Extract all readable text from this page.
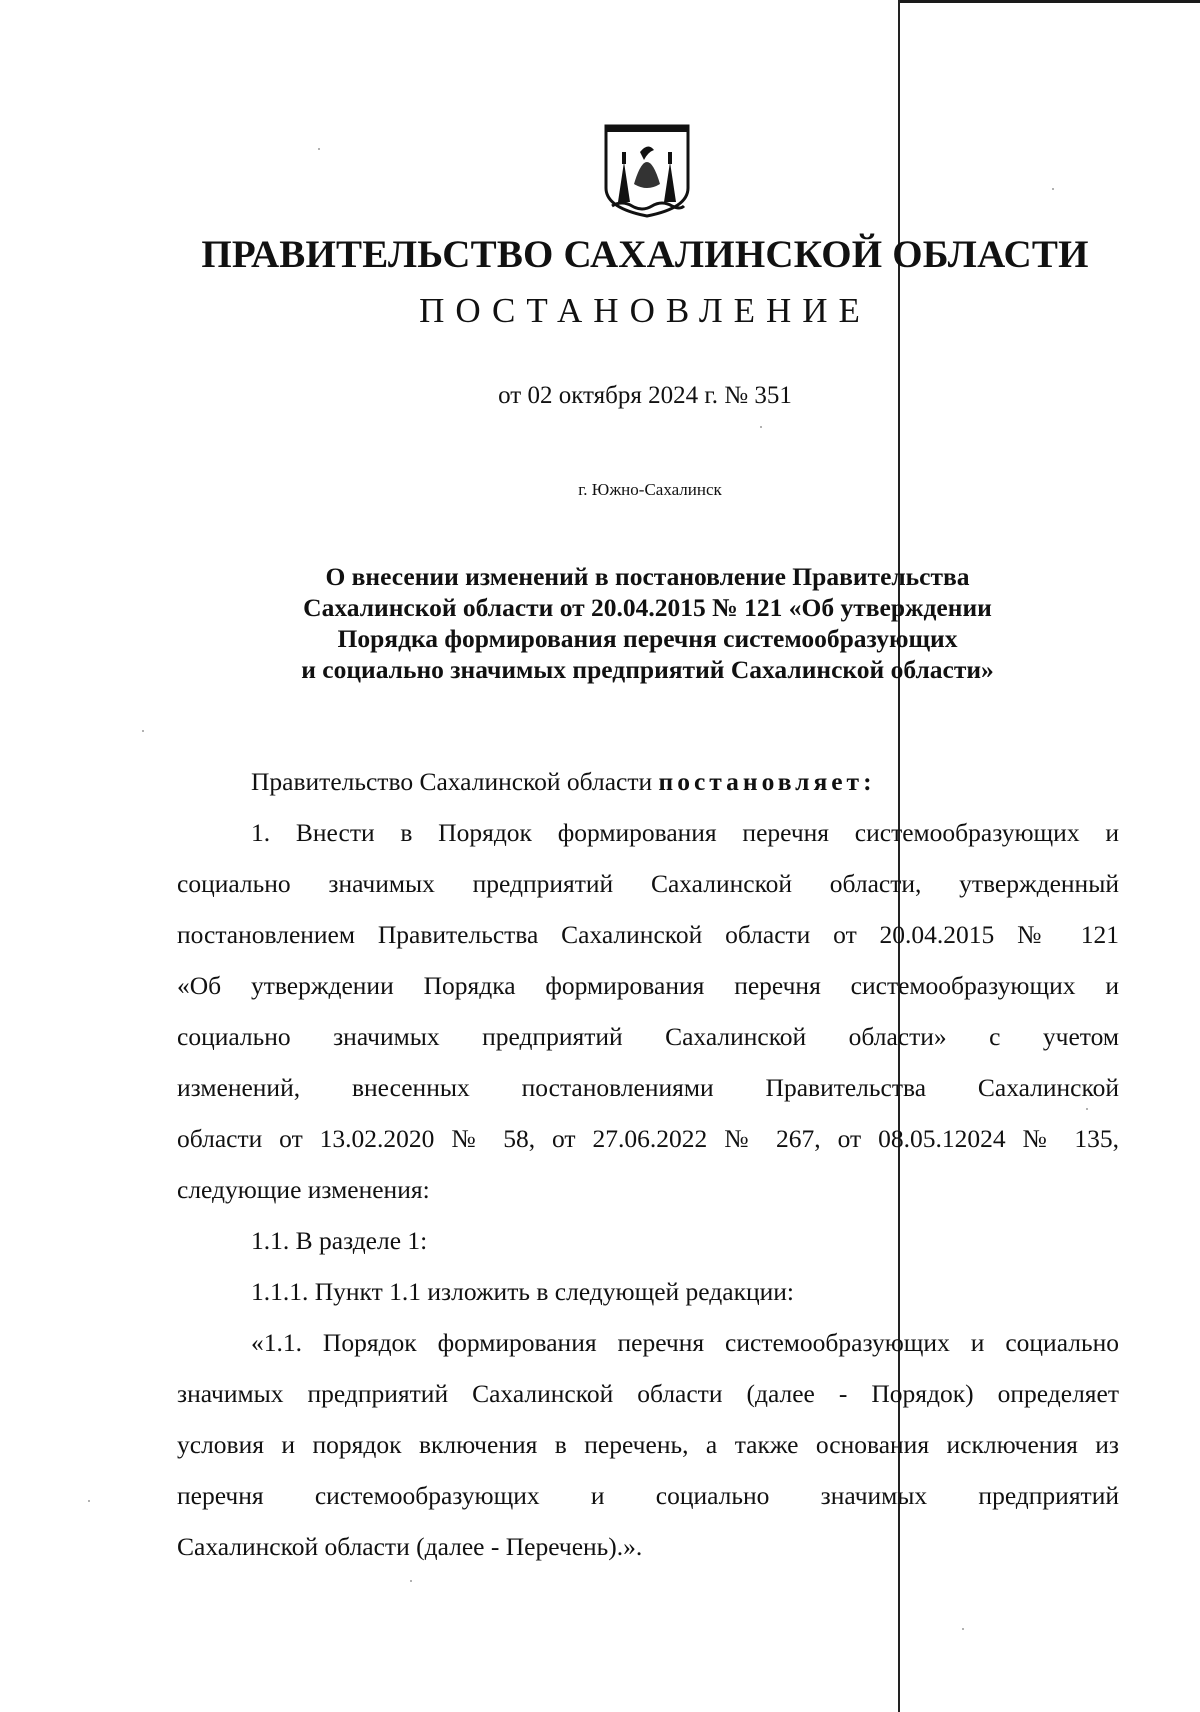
ПРАВИТЕЛЬСТВО САХАЛИНСКОЙ ОБЛАСТИ
ПОСТАНОВЛЕНИЕ
от 02 октября 2024 г. № 351
г. Южно-Сахалинск
О внесении изменений в постановление Правительства
Сахалинской области от 20.04.2015 № 121 «Об утверждении
Порядка формирования перечня системообразующих
и социально значимых предприятий Сахалинской области»

Правительство Сахалинской области постановляет:

1. Внести в Порядок формирования перечня системообразующих и
социально значимых предприятий Сахалинской области, утвержденный
постановлением Правительства Сахалинской области от 20.04.2015 № 121
«Об утверждении Порядка формирования перечня системообразующих и
социально значимых предприятий Сахалинской области» с учетом
изменений, внесенных постановлениями Правительства Сахалинской
области от 13.02.2020 № 58, от 27.06.2022 № 267, от 08.05.12024 № 135,
следующие изменения:

1.1. В разделе 1:

1.1.1. Пункт 1.1 изложить в следующей редакции:

«1.1. Порядок формирования перечня системообразующих и социально
значимых предприятий Сахалинской области (далее - Порядок) определяет
условия и порядок включения в перечень, а также основания исключения из
перечня системообразующих и социально значимых предприятий
Сахалинской области (далее - Перечень).».
